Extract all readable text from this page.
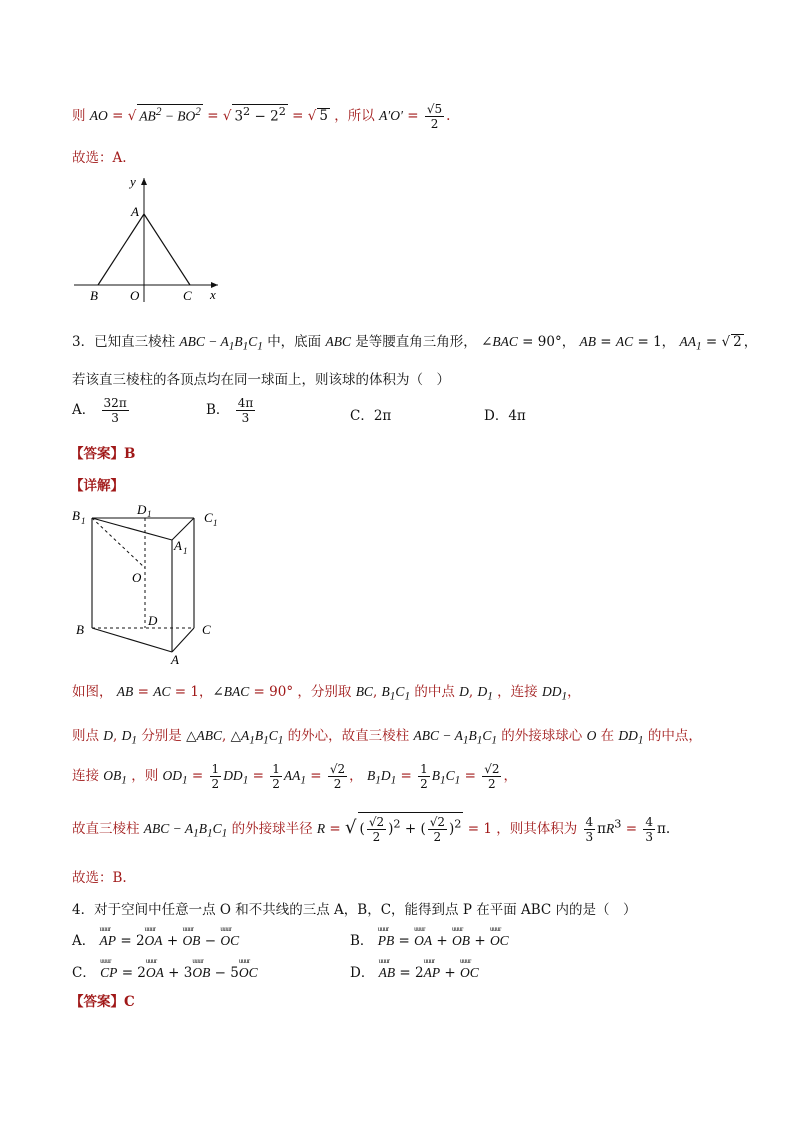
则 AO = √ $AB^2 - BO^2$ = √ $3^2 - 2^2$ = √ 5 ，所以 $A'O' = \frac{√5}{2}$ .
故选：A.
y
A
B O	C x
3．已知直三棱柱 ABC − $A_1B_1C_1$ 中，底面 ABC 是等腰直角三角形， ∠BAC = 90°， AB = AC = 1， $AA_1$ = √ 2 ，
若该直三棱柱的各顶点均在同一球面上，则该球的体积为（　）
A． $\frac{32\pi}{3}$	B． $\frac{4\pi}{3}$	C．2π	D．4π
【答案】B
【详解】
B 1
D 1	C 1
A 1
O
B
D
C
A
如图， AB = AC = 1，∠BAC = 90° ，分别取 BC, $B_1C_1$ 的中点 D, $D_1$ ，连接 $DD_1$，
则点 D, $D_1$ 分别是 △ABC, $\triangle A_1B_1C_1$ 的外心，故直三棱柱 ABC − $A_1B_1C_1$ 的外接球球心 O 在 $DD_1$ 的中点，
连接 $OB_1$ ，则 $OD_1 = \frac{1}{2} DD_1 = \frac{1}{2} AA_1 = \frac{√2}{2}$ ， $B_1D_1 = \frac{1}{2} B_1C_1 = \frac{√2}{2}$ ，
故直三棱柱 ABC − $A_1B_1C_1$ 的外接球半径 R = √ ( $\frac{√2}{2} )^2$ + ( $\frac{√2}{2} )^2 = 1$ ，则其体积为 $\frac{4}{3} \pi R^3 = \frac{4}{3} \pi$.
故选：B.
4．对于空间中任意一点 O 和不共线的三点 A，B，C，能得到点 P 在平面 ABC 内的是（　）
A． uuur AP = 2uuur OA + uuur OB − uuur OC	B． uuur PB = uuur OA + uuur OB + uuur OC
C． uuur CP = 2uuur OA + 3uuur OB − 5uuur OC	D． uuur AB = 2uuur AP + uuur OC
【答案】C
